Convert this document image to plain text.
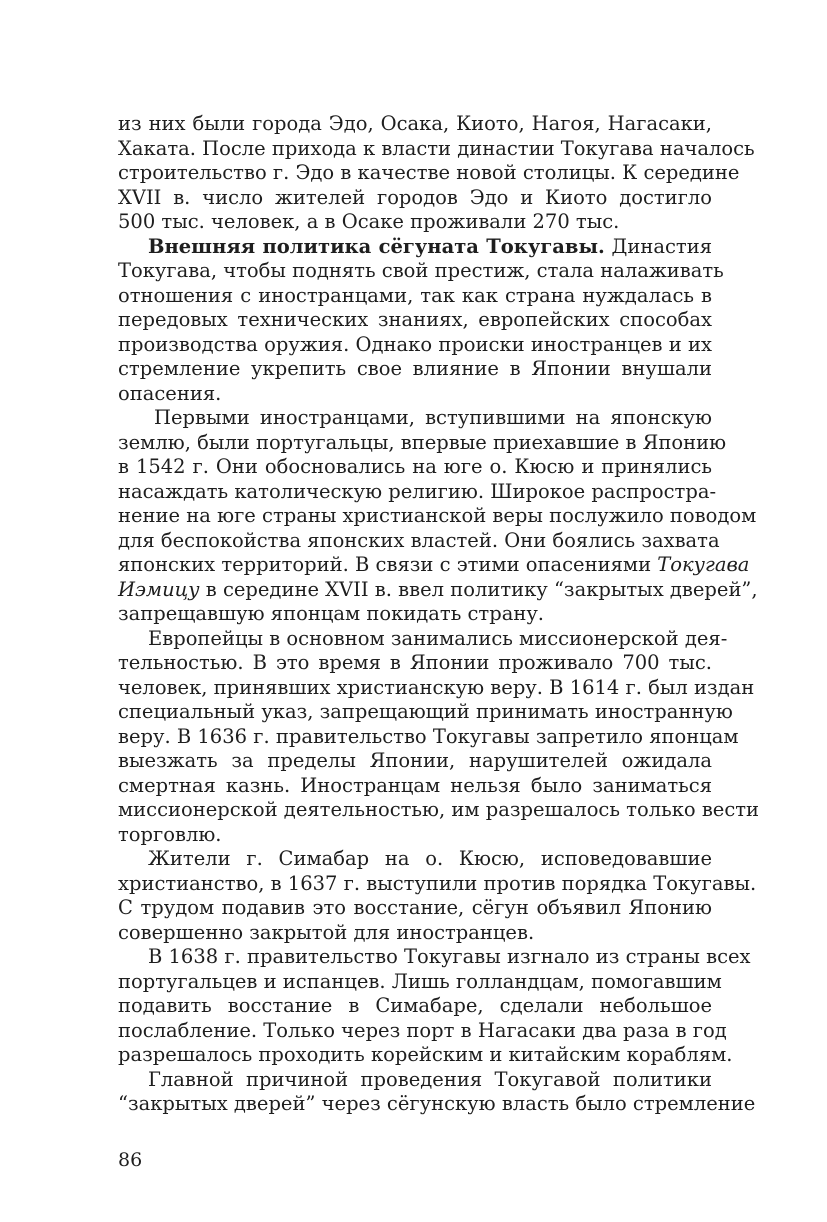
из них были города Эдо, Осака, Киото, Нагоя, Нагасаки,
Хаката. После прихода к власти династии Токугава началось
строительство г. Эдо в качестве новой столицы. К середине
XVII в. число жителей городов Эдо и Киото достигло
500 тыс. человек, а в Осаке проживали 270 тыс.
Внешняя политика сёгуната Токугавы. Династия
Токугава, чтобы поднять свой престиж, стала налаживать
отношения с иностранцами, так как страна нуждалась в
передовых технических знаниях, европейских способах
производства оружия. Однако происки иностранцев и их
стремление укрепить свое влияние в Японии внушали
опасения.
Первыми иностранцами, вступившими на японскую
землю, были португальцы, впервые приехавшие в Японию
в 1542 г. Они обосновались на юге о. Кюсю и принялись
насаждать католическую религию. Широкое распростра-
нение на юге страны христианской веры послужило поводом
для беспокойства японских властей. Они боялись захвата
японских территорий. В связи с этими опасениями Токугава
Иэмицу в середине XVII в. ввел политику “закрытых дверей”,
запрещавшую японцам покидать страну.
Европейцы в основном занимались миссионерской дея-
тельностью. В это время в Японии проживало 700 тыс.
человек, принявших христианскую веру. В 1614 г. был издан
специальный указ, запрещающий принимать иностранную
веру. В 1636 г. правительство Токугавы запретило японцам
выезжать за пределы Японии, нарушителей ожидала
смертная казнь. Иностранцам нельзя было заниматься
миссионерской деятельностью, им разрешалось только вести
торговлю.
Жители г. Симабар на о. Кюсю, исповедовавшие
христианство, в 1637 г. выступили против порядка Токугавы.
С трудом подавив это восстание, сёгун объявил Японию
совершенно закрытой для иностранцев.
В 1638 г. правительство Токугавы изгнало из страны всех
португальцев и испанцев. Лишь голландцам, помогавшим
подавить восстание в Симабаре, сделали небольшое
послабление. Только через порт в Нагасаки два раза в год
разрешалось проходить корейским и китайским кораблям.
Главной причиной проведения Токугавой политики
“закрытых дверей” через сёгунскую власть было стремление
86
